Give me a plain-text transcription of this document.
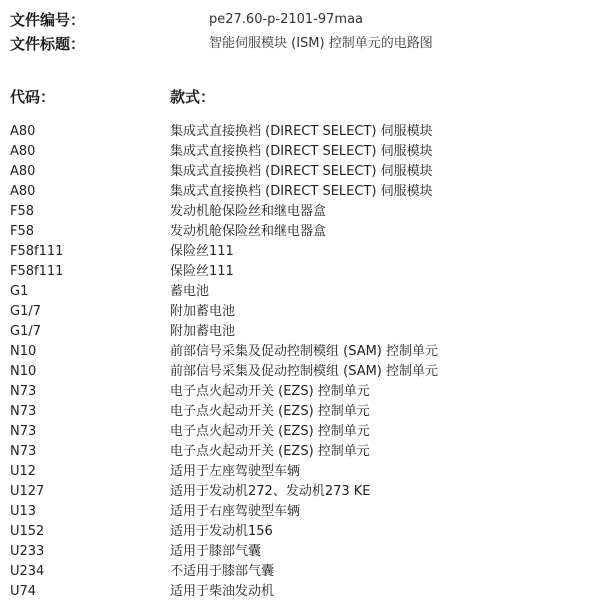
文件编号：	pe27.60-p-2101-97maa
文件标题：	智能伺服模块 (ISM) 控制单元的电路图
代码：	款式：
A80	集成式直接换档 (DIRECT SELECT) 伺服模块
A80	集成式直接换档 (DIRECT SELECT) 伺服模块
A80	集成式直接换档 (DIRECT SELECT) 伺服模块
A80	集成式直接换档 (DIRECT SELECT) 伺服模块
F58	发动机舱保险丝和继电器盒
F58	发动机舱保险丝和继电器盒
F58f111	保险丝111
F58f111	保险丝111
G1	蓄电池
G1/7	附加蓄电池
G1/7	附加蓄电池
N10	前部信号采集及促动控制模组 (SAM) 控制单元
N10	前部信号采集及促动控制模组 (SAM) 控制单元
N73	电子点火起动开关 (EZS) 控制单元
N73	电子点火起动开关 (EZS) 控制单元
N73	电子点火起动开关 (EZS) 控制单元
N73	电子点火起动开关 (EZS) 控制单元
U12	适用于左座驾驶型车辆
U127	适用于发动机272、发动机273 KE
U13	适用于右座驾驶型车辆
U152	适用于发动机156
U233	适用于膝部气囊
U234	不适用于膝部气囊
U74	适用于柴油发动机
